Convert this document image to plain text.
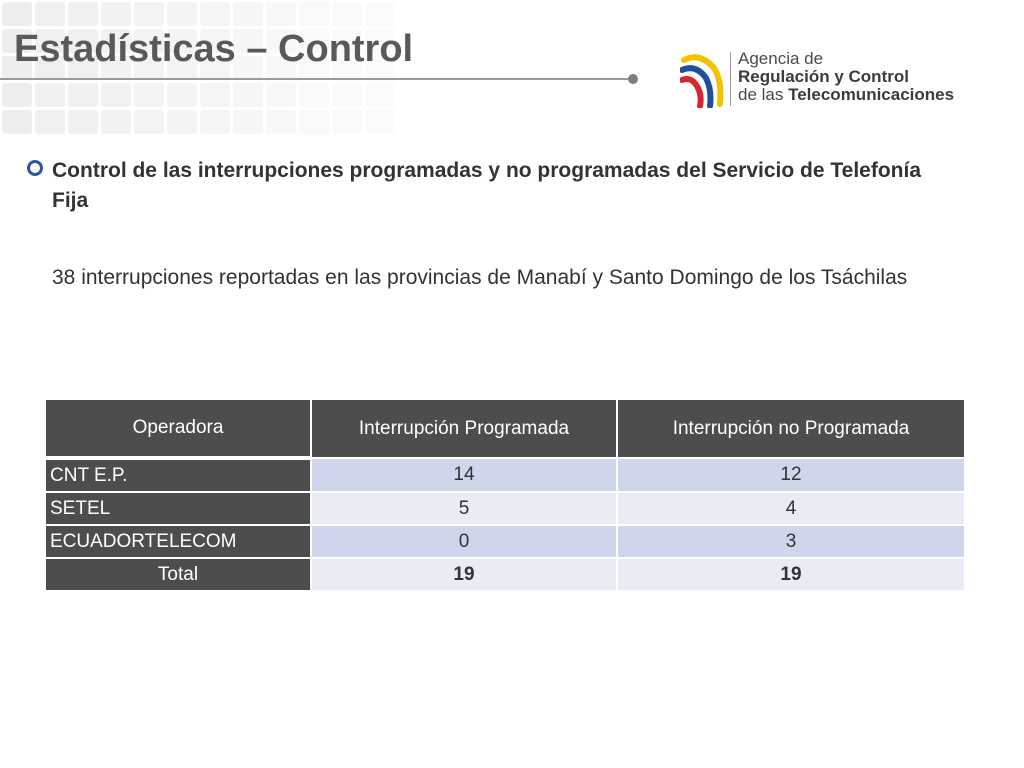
Estadísticas – Control	Agencia de
Regulación y Control
de las Telecomunicaciones

Control de las interrupciones programadas y no programadas del Servicio de Telefonía Fija

38 interrupciones reportadas en las provincias de Manabí y Santo Domingo de los Tsáchilas

Operadora	Interrupción Programada	Interrupción no Programada
CNT E.P.	14	12
SETEL	5	4
ECUADORTELECOM	0	3
Total	19	19
